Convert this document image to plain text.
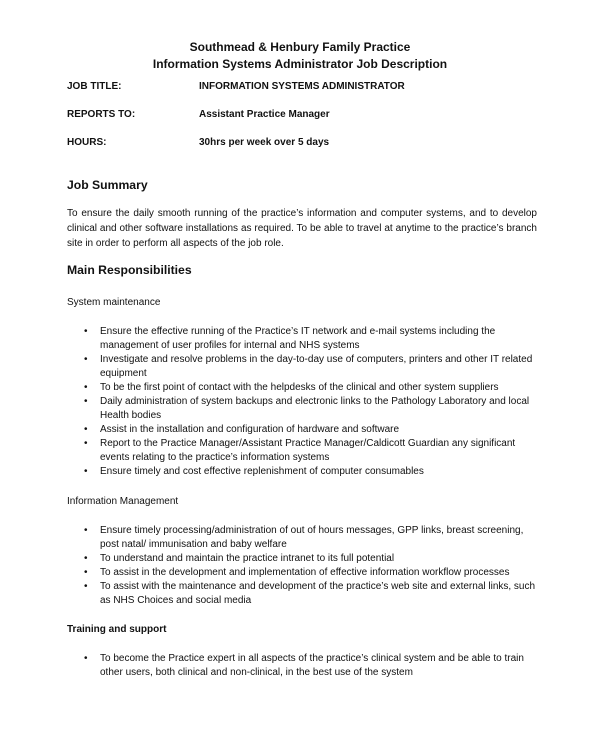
Southmead & Henbury Family Practice
Information Systems Administrator Job Description
JOB TITLE:	INFORMATION SYSTEMS ADMINISTRATOR
REPORTS TO:	Assistant Practice Manager
HOURS:	30hrs per week over 5 days
Job Summary
To ensure the daily smooth running of the practice’s information and computer systems, and to develop clinical and other software installations as required. To be able to travel at anytime to the practice’s branch site in order to perform all aspects of the job role.
Main Responsibilities
System maintenance
• Ensure the effective running of the Practice’s IT network and e-mail systems including the management of user profiles for internal and NHS systems
• Investigate and resolve problems in the day-to-day use of computers, printers and other IT related equipment
• To be the first point of contact with the helpdesks of the clinical and other system suppliers
• Daily administration of system backups and electronic links to the Pathology Laboratory and local Health bodies
• Assist in the installation and configuration of hardware and software
• Report to the Practice Manager/Assistant Practice Manager/Caldicott Guardian any significant events relating to the practice’s information systems
• Ensure timely and cost effective replenishment of computer consumables
Information Management
• Ensure timely processing/administration of out of hours messages, GPP links, breast screening, post natal/ immunisation and baby welfare
• To understand and maintain the practice intranet to its full potential
• To assist in the development and implementation of effective information workflow processes
• To assist with the maintenance and development of the practice’s web site and external links, such as NHS Choices and social media
Training and support
• To become the Practice expert in all aspects of the practice’s clinical system and be able to train other users, both clinical and non-clinical, in the best use of the system
